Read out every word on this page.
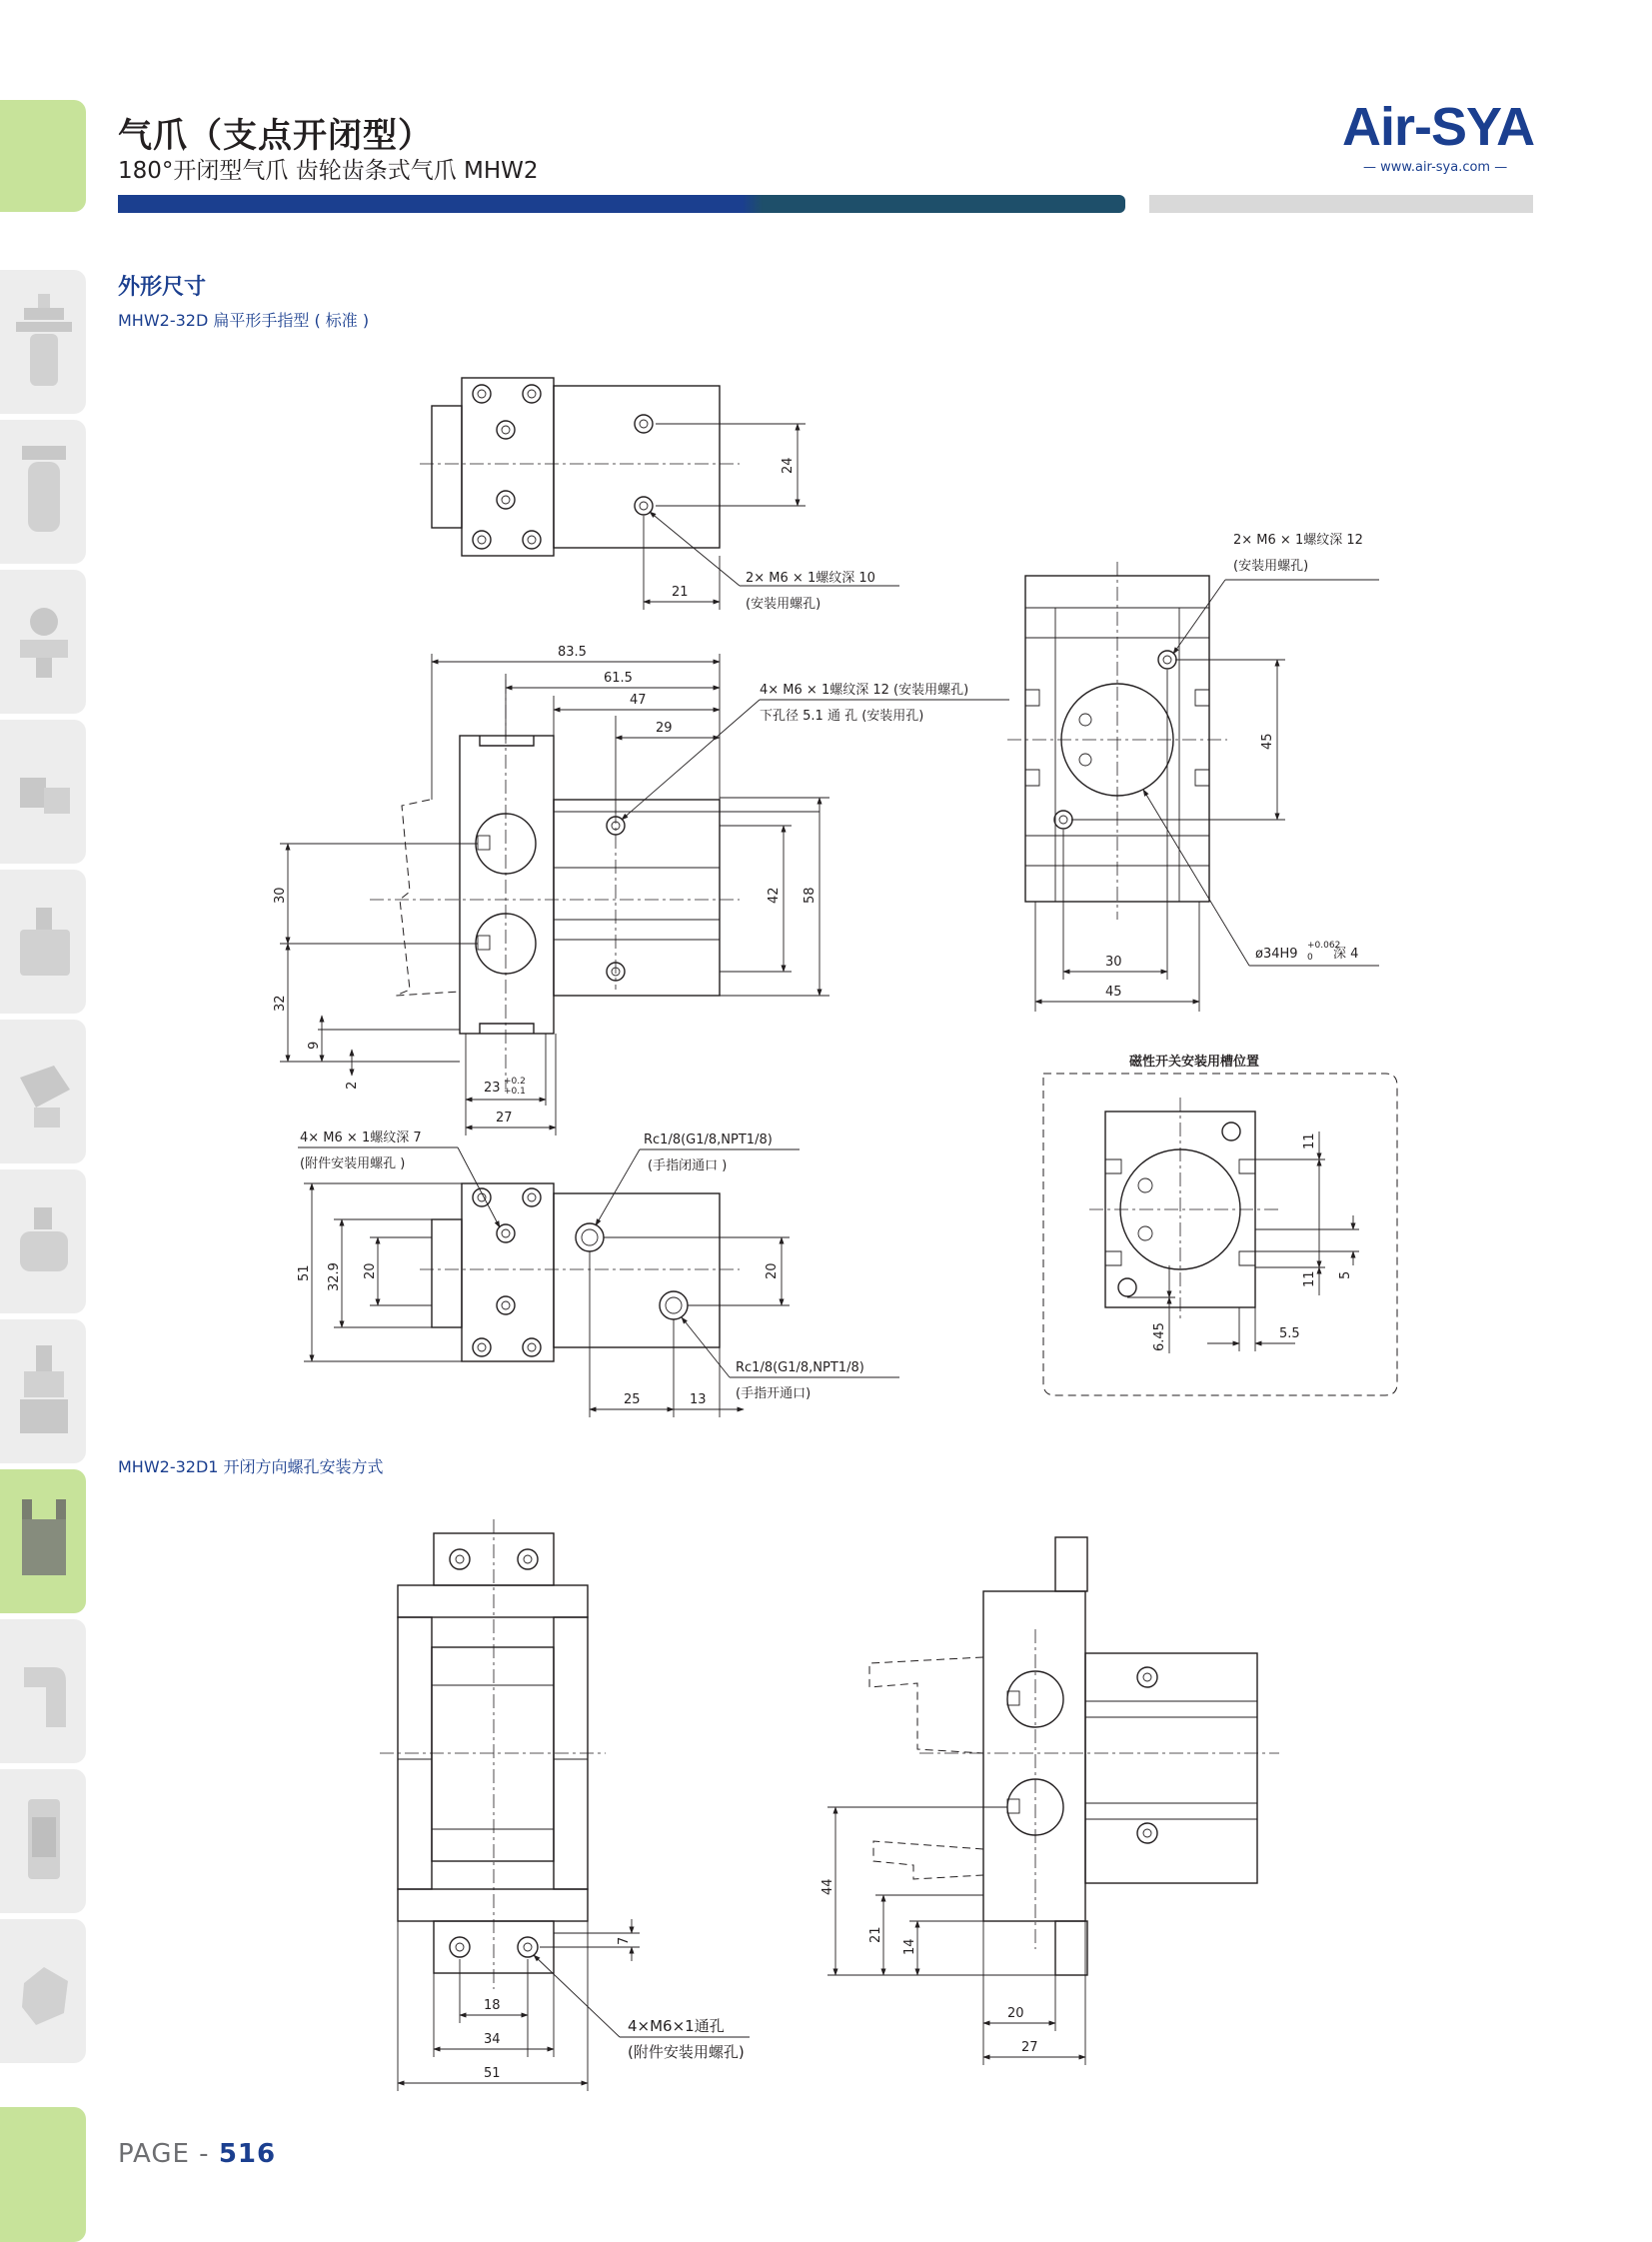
气爪（支点开闭型）
180°开闭型气爪 齿轮齿条式气爪 MHW2
Air-SYA
— www.air-sya.com —
外形尺寸
MHW2-32D 扁平形手指型 ( 标准 )
MHW2-32D1 开闭方向螺孔安装方式
24
21
2× M6 × 1螺纹深 10
(安装用螺孔)
83.5
61.5
47
29
4× M6 × 1螺纹深 12 (安装用螺孔)
下孔径 5.1 通 孔 (安装用孔)
42 58
30
32
9
2	23 +0.2
+0.1
27
45
30
45
2× M6 × 1螺纹深 12
(安装用螺孔)
ø34H9
+0.062
0 深 4
51 32.9 20	20
25	13
4× M6 × 1螺纹深 7
(附件安装用螺孔 )
Rc1/8(G1/8,NPT1/8)
(手指闭通口 )
Rc1/8(G1/8,NPT1/8)
(手指开通口)
磁性开关安装用槽位置
11
11 5
6.45	5.5
7
18
34
51
4×M6×1通孔
(附件安装用螺孔)
44
21
14
20
27
PAGE - 516
